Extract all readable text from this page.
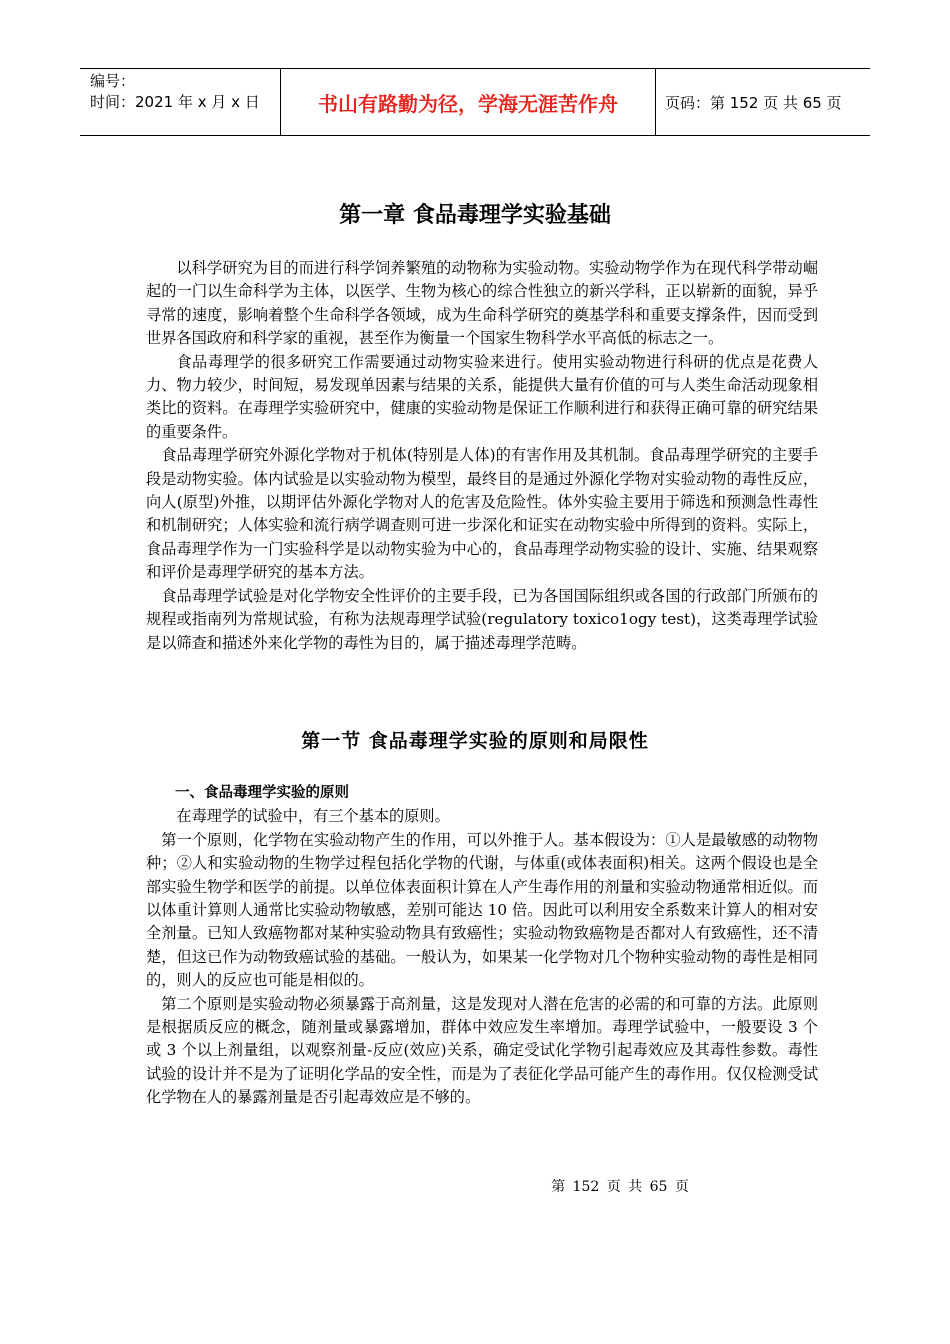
编号：
时间：2021 年 x 月 x 日	书山有路勤为径，学海无涯苦作舟	页码：第 152 页 共 65 页
第一章 食品毒理学实验基础

以科学研究为目的而进行科学饲养繁殖的动物称为实验动物。实验动物学作为在现代科学带动崛起的一门以生命科学为主体，以医学、生物为核心的综合性独立的新兴学科，正以崭新的面貌，异乎寻常的速度，影响着整个生命科学各领域，成为生命科学研究的奠基学科和重要支撑条件，因而受到世界各国政府和科学家的重视，甚至作为衡量一个国家生物科学水平高低的标志之一。

食品毒理学的很多研究工作需要通过动物实验来进行。使用实验动物进行科研的优点是花费人力、物力较少，时间短，易发现单因素与结果的关系，能提供大量有价值的可与人类生命活动现象相类比的资料。在毒理学实验研究中，健康的实验动物是保证工作顺利进行和获得正确可靠的研究结果的重要条件。

食品毒理学研究外源化学物对于机体(特别是人体)的有害作用及其机制。食品毒理学研究的主要手段是动物实验。体内试验是以实验动物为模型，最终目的是通过外源化学物对实验动物的毒性反应，向人(原型)外推，以期评估外源化学物对人的危害及危险性。体外实验主要用于筛选和预测急性毒性和机制研究；人体实验和流行病学调查则可进一步深化和证实在动物实验中所得到的资料。实际上，食品毒理学作为一门实验科学是以动物实验为中心的，食品毒理学动物实验的设计、实施、结果观察和评价是毒理学研究的基本方法。

食品毒理学试验是对化学物安全性评价的主要手段，已为各国国际组织或各国的行政部门所颁布的规程或指南列为常规试验，有称为法规毒理学试验(regulatory toxico1ogy test)，这类毒理学试验是以筛查和描述外来化学物的毒性为目的，属于描述毒理学范畴。

第一节 食品毒理学实验的原则和局限性

一、食品毒理学实验的原则

在毒理学的试验中，有三个基本的原则。

第一个原则，化学物在实验动物产生的作用，可以外推于人。基本假设为：①人是最敏感的动物物种；②人和实验动物的生物学过程包括化学物的代谢，与体重(或体表面积)相关。这两个假设也是全部实验生物学和医学的前提。以单位体表面积计算在人产生毒作用的剂量和实验动物通常相近似。而以体重计算则人通常比实验动物敏感，差别可能达 10 倍。因此可以利用安全系数来计算人的相对安全剂量。已知人致癌物都对某种实验动物具有致癌性；实验动物致癌物是否都对人有致癌性，还不清楚，但这已作为动物致癌试验的基础。一般认为，如果某一化学物对几个物种实验动物的毒性是相同的，则人的反应也可能是相似的。

第二个原则是实验动物必须暴露于高剂量，这是发现对人潜在危害的必需的和可靠的方法。此原则是根据质反应的概念，随剂量或暴露增加，群体中效应发生率增加。毒理学试验中，一般要设 3 个或 3 个以上剂量组，以观察剂量-反应(效应)关系，确定受试化学物引起毒效应及其毒性参数。毒性试验的设计并不是为了证明化学品的安全性，而是为了表征化学品可能产生的毒作用。仅仅检测受试化学物在人的暴露剂量是否引起毒效应是不够的。

第 152 页 共 65 页
